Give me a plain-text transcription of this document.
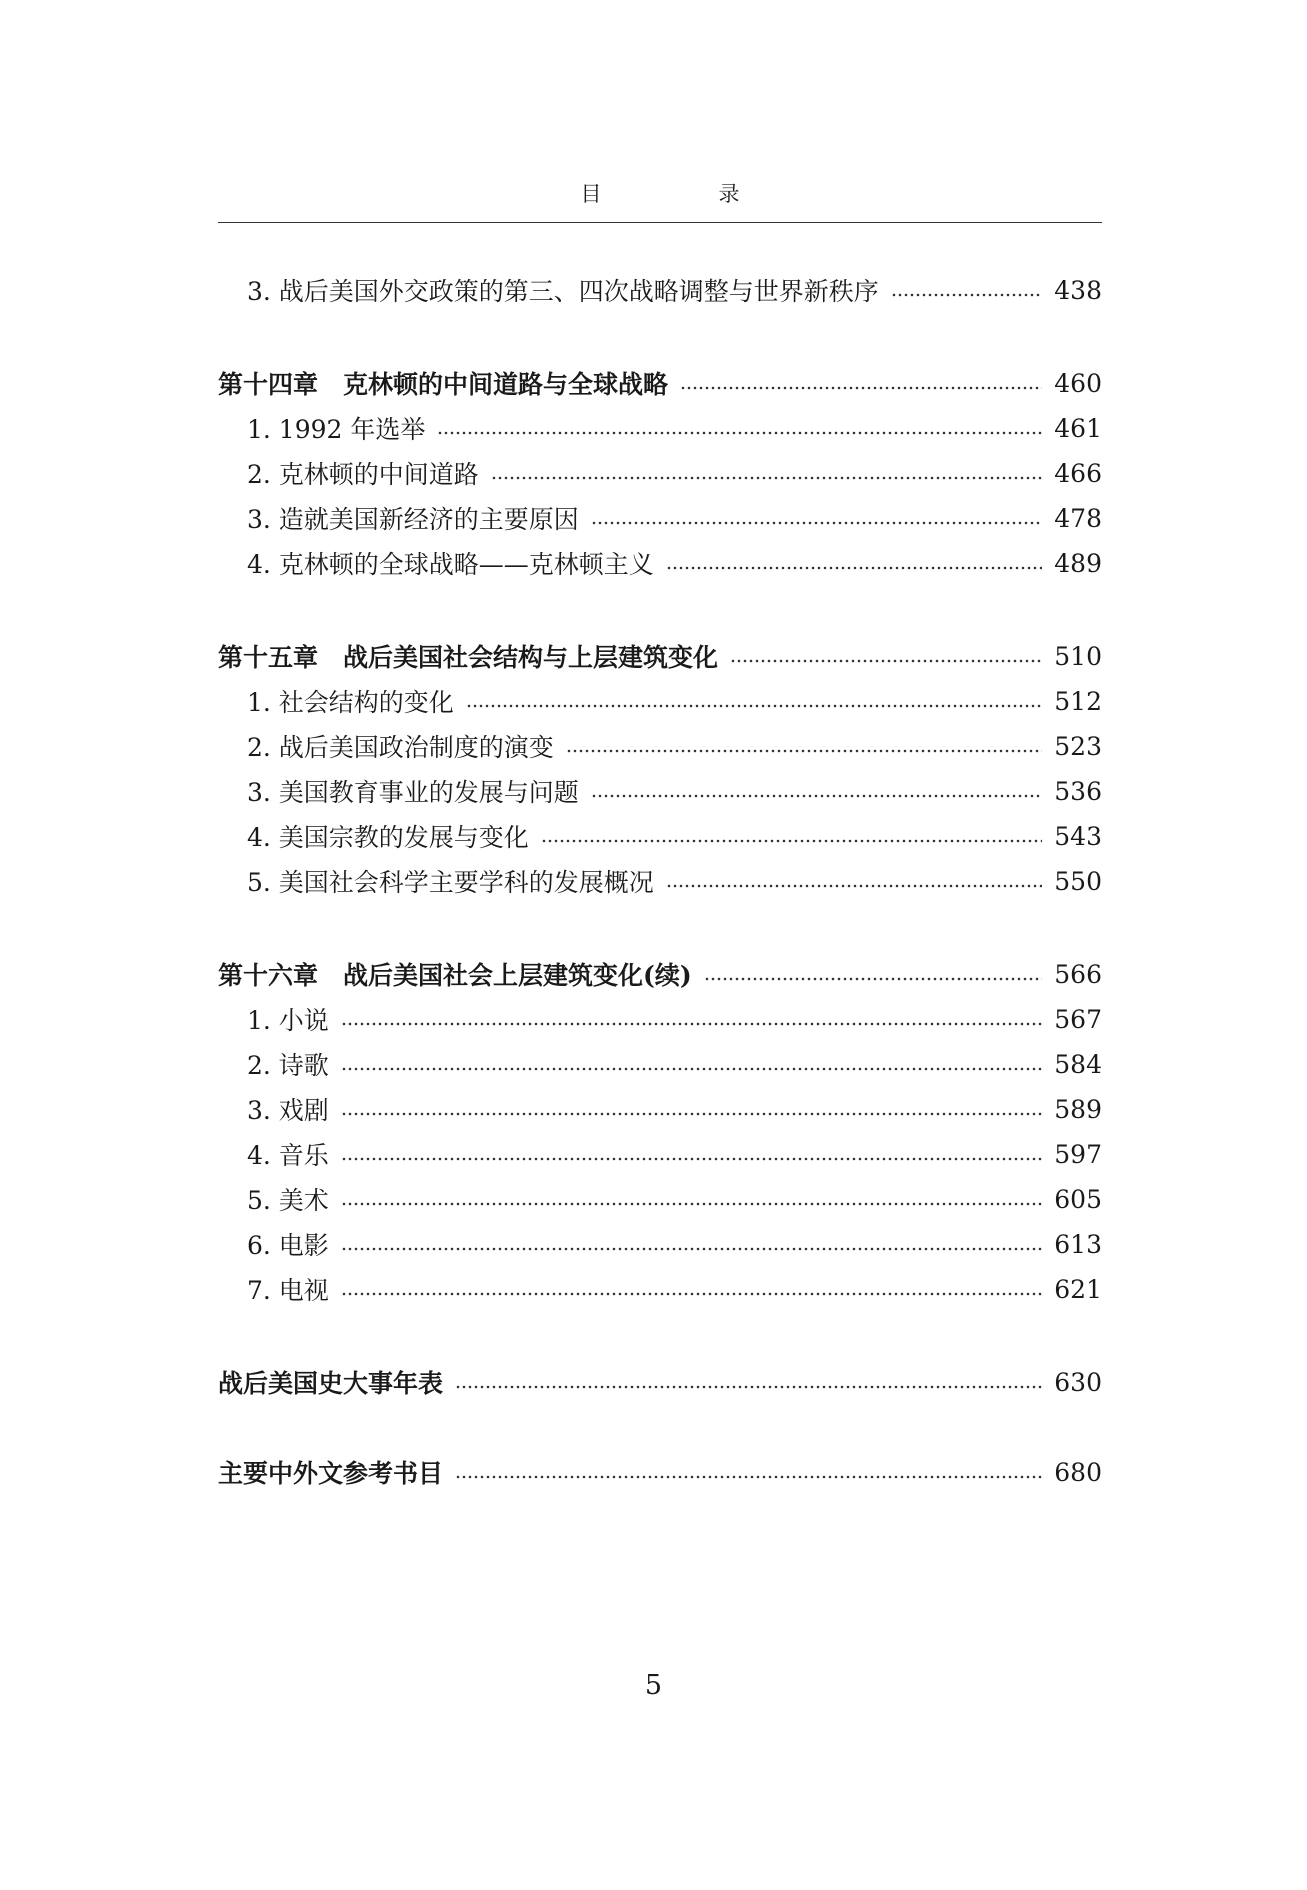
目　录
3. 战后美国外交政策的第三、四次战略调整与世界新秩序	438
第十四章　克林顿的中间道路与全球战略	460
1. 1992 年选举	461
2. 克林顿的中间道路	466
3. 造就美国新经济的主要原因	478
4. 克林顿的全球战略——克林顿主义	489
第十五章　战后美国社会结构与上层建筑变化	510
1. 社会结构的变化	512
2. 战后美国政治制度的演变	523
3. 美国教育事业的发展与问题	536
4. 美国宗教的发展与变化	543
5. 美国社会科学主要学科的发展概况	550
第十六章　战后美国社会上层建筑变化(续)	566
1. 小说	567
2. 诗歌	584
3. 戏剧	589
4. 音乐	597
5. 美术	605
6. 电影	613
7. 电视	621
战后美国史大事年表	630
主要中外文参考书目	680
5
